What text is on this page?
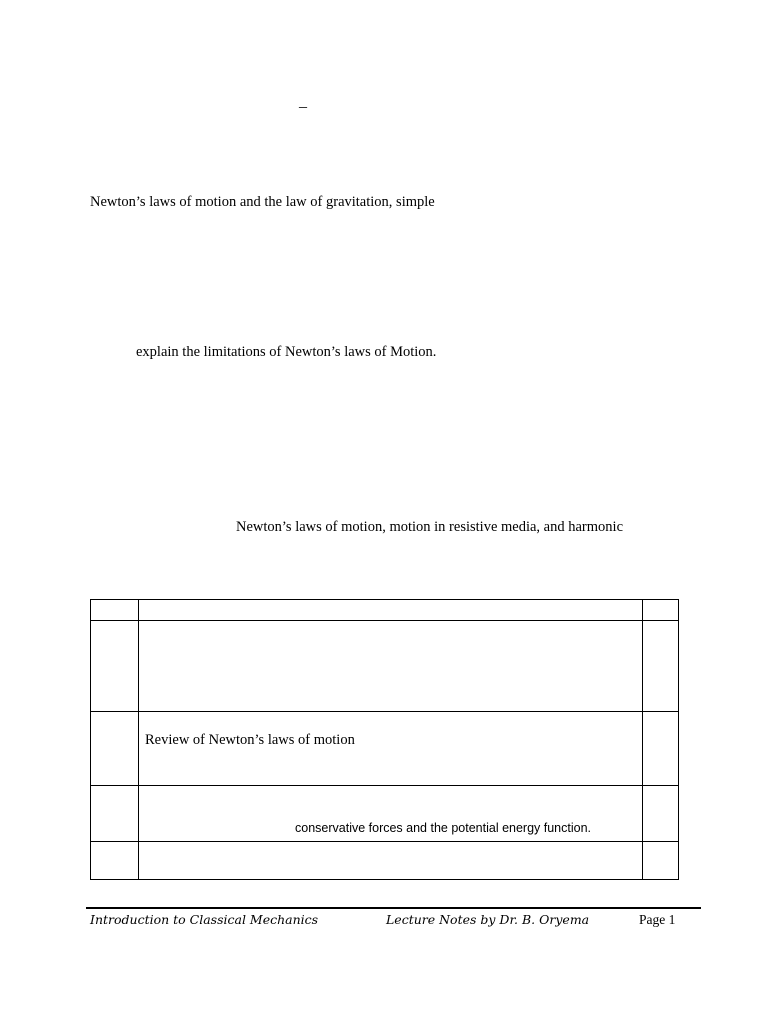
_
Newton’s laws of motion and the law of gravitation, simple
explain the limitations of Newton’s laws of Motion.
Newton’s laws of motion, motion in resistive media, and harmonic

	Review of Newton’s laws of motion	

	conservative forces and the potential energy function.	

Introduction to Classical Mechanics	Lecture Notes by Dr. B. Oryema	Page 1
